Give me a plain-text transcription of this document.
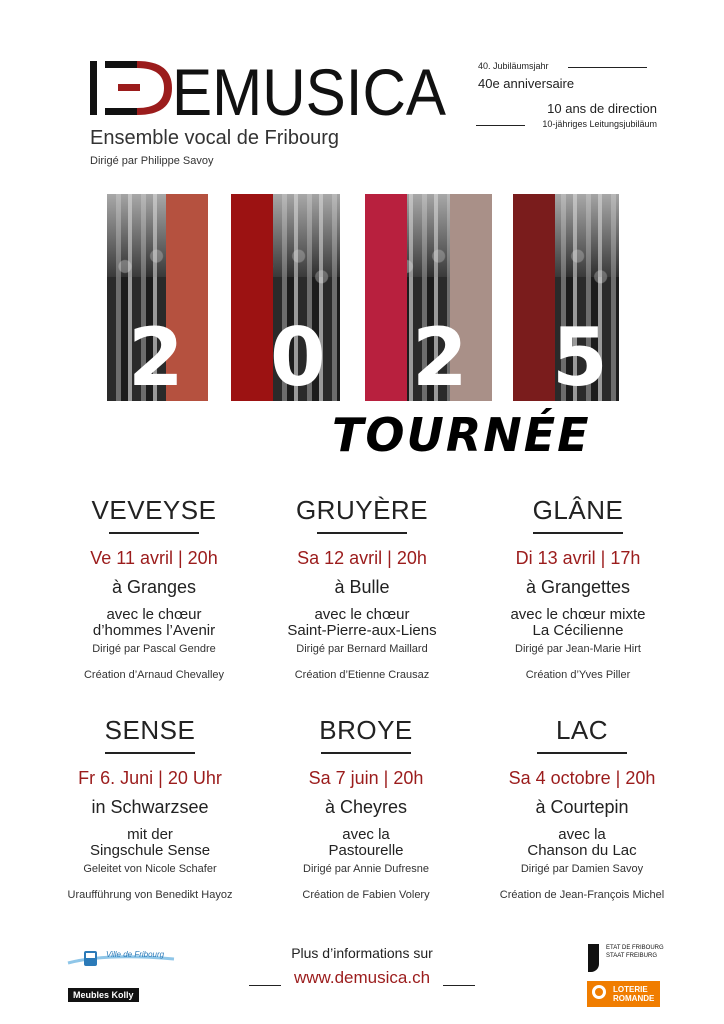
EMUSICA
Ensemble vocal de Fribourg
Dirigé par Philippe Savoy
40. Jubiläumsjahr
40e anniversaire
10 ans de direction
10-jähriges Leitungsjubiläum
2 0 2 5
TOURNÉE
VEVEYSE
Ve 11 avril | 20h
à Granges
avec le chœur
d’hommes l’Avenir
Dirigé par Pascal Gendre
Création d’Arnaud Chevalley
GRUYÈRE
Sa 12 avril | 20h
à Bulle
avec le chœur
Saint-Pierre-aux-Liens
Dirigé par Bernard Maillard
Création d’Etienne Crausaz
GLÂNE
Di 13 avril | 17h
à Grangettes
avec le chœur mixte
La Cécilienne
Dirigé par Jean-Marie Hirt
Création d’Yves Piller
SENSE
Fr 6. Juni | 20 Uhr
in Schwarzsee
mit der
Singschule Sense
Geleitet von Nicole Schafer
Uraufführung von Benedikt Hayoz
BROYE
Sa 7 juin | 20h
à Cheyres
avec la
Pastourelle
Dirigé par Annie Dufresne
Création de Fabien Volery
LAC
Sa 4 octobre | 20h
à Courtepin
avec la
Chanson du Lac
Dirigé par Damien Savoy
Création de Jean-François Michel
Plus d’informations sur
www.demusica.ch
Ville de Fribourg
Meubles Kolly
ETAT DE FRIBOURG
STAAT FREIBURG
LOTERIE
ROMANDE
